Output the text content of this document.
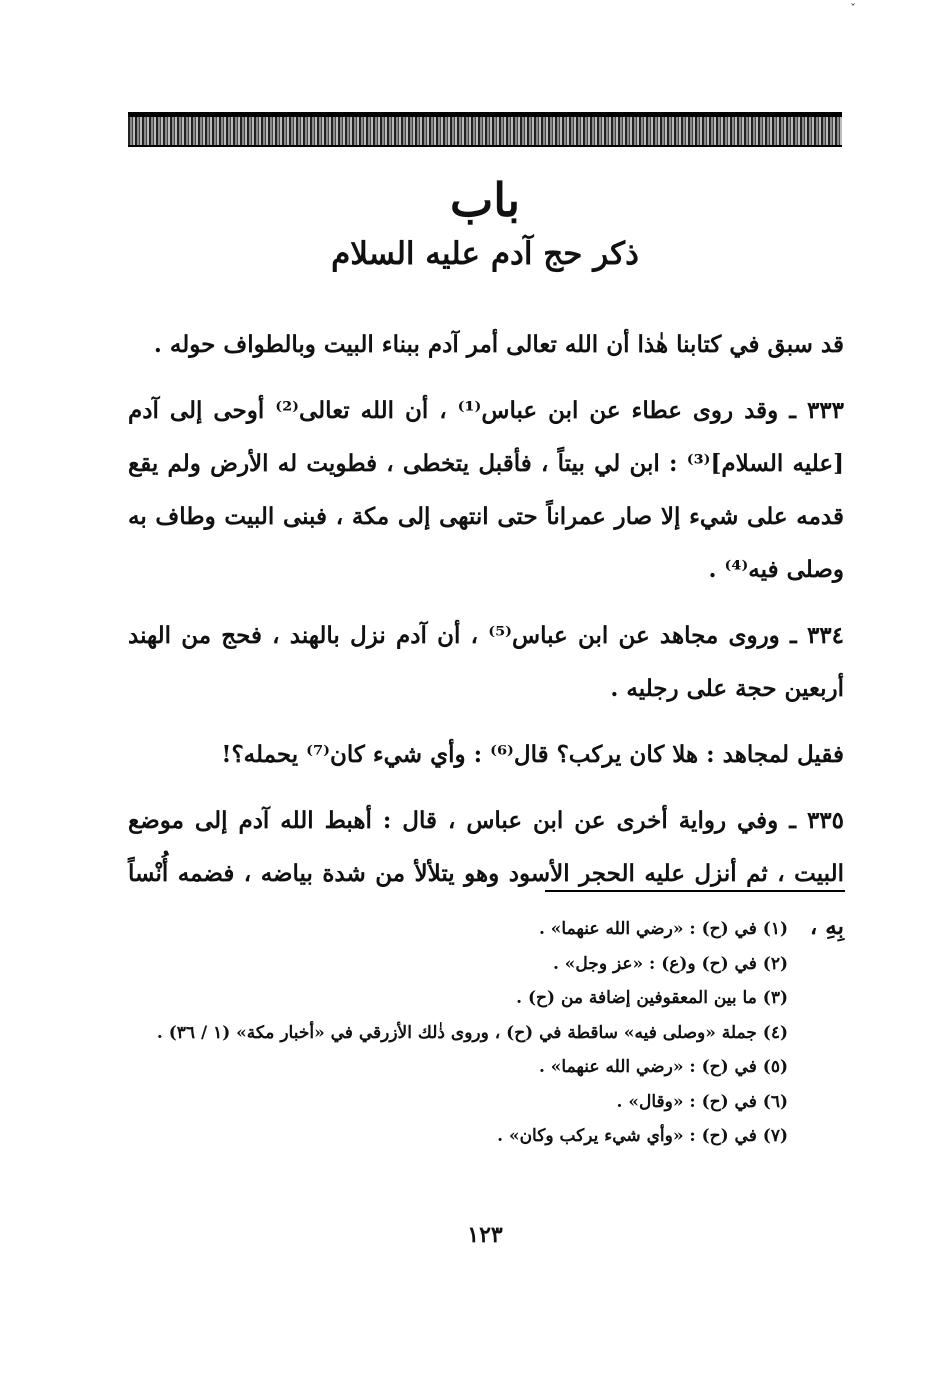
ˇ
باب
ذكر حج آدم عليه السلام

قد سبق في كتابنا هٰذا أن الله تعالى أمر آدم ببناء البيت وبالطواف حوله .

٣٣٣ ـ وقد روى عطاء عن ابن عباس⁽¹⁾ ، أن الله تعالى⁽²⁾ أوحى إلى آدم [عليه السلام]⁽³⁾ : ابن لي بيتاً ، فأقبل يتخطى ، فطويت له الأرض ولم يقع قدمه على شيء إلا صار عمراناً حتى انتهى إلى مكة ، فبنى البيت وطاف به وصلى فيه⁽⁴⁾ .

٣٣٤ ـ وروى مجاهد عن ابن عباس⁽⁵⁾ ، أن آدم نزل بالهند ، فحج من الهند أربعين حجة على رجليه .

فقيل لمجاهد : هلا كان يركب؟ قال⁽⁶⁾ : وأي شيء كان⁽⁷⁾ يحمله؟!

٣٣٥ ـ وفي رواية أخرى عن ابن عباس ، قال : أهبط الله آدم إلى موضع البيت ، ثم أنزل عليه الحجر الأسود وهو يتلألأ من شدة بياضه ، فضمه أُنْساً بِهِ ،

(١) في (ح) : «رضي الله عنهما» .
(٢) في (ح) و(ع) : «عز وجل» .
(٣) ما بين المعقوفين إضافة من (ح) .
(٤) جملة «وصلى فيه» ساقطة في (ح) ، وروى ذٰلك الأزرقي في «أخبار مكة» (١ / ٣٦) .
(٥) في (ح) : «رضي الله عنهما» .
(٦) في (ح) : «وقال» .
(٧) في (ح) : «وأي شيء يركب وكان» .
١٢٣
